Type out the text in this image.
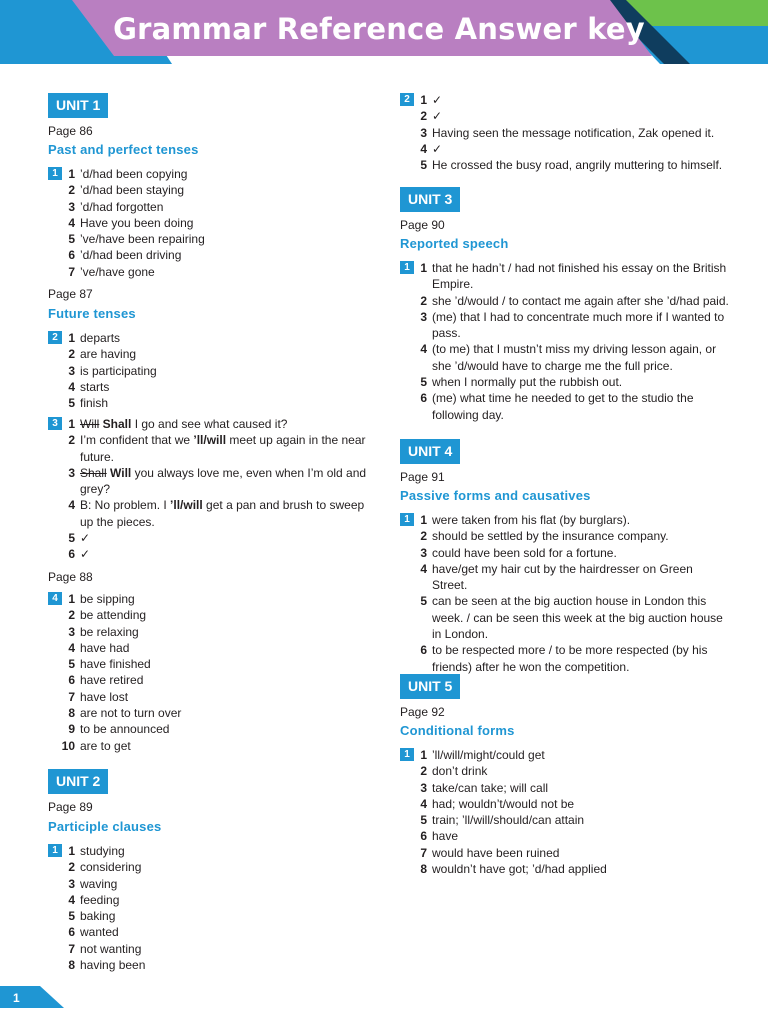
Grammar Reference Answer key
UNIT 1
Page 86
Past and perfect tenses
1 1 ’d/had been copying
2 ’d/had been staying
3 ’d/had forgotten
4 Have you been doing
5 ’ve/have been repairing
6 ’d/had been driving
7 ’ve/have gone
Page 87
Future tenses
2 1 departs
2 are having
3 is participating
4 starts
5 finish
3 1 Will Shall I go and see what caused it?
2 I’m confident that we ’ll/will meet up again in the near future.
3 Shall Will you always love me, even when I’m old and grey?
4 B: No problem. I ’ll/will get a pan and brush to sweep up the pieces.
5 ✓
6 ✓
Page 88
4 1 be sipping
2 be attending
3 be relaxing
4 have had
5 have finished
6 have retired
7 have lost
8 are not to turn over
9 to be announced
10 are to get
UNIT 2
Page 89
Participle clauses
1 1 studying
2 considering
3 waving
4 feeding
5 baking
6 wanted
7 not wanting
8 having been
2 1 ✓
2 ✓
3 Having seen the message notification, Zak opened it.
4 ✓
5 He crossed the busy road, angrily muttering to himself.
UNIT 3
Page 90
Reported speech
1 1 that he hadn’t / had not finished his essay on the British Empire.
2 she ’d/would / to contact me again after she ’d/had paid.
3 (me) that I had to concentrate much more if I wanted to pass.
4 (to me) that I mustn’t miss my driving lesson again, or she ’d/would have to charge me the full price.
5 when I normally put the rubbish out.
6 (me) what time he needed to get to the studio the following day.
UNIT 4
Page 91
Passive forms and causatives
1 1 were taken from his flat (by burglars).
2 should be settled by the insurance company.
3 could have been sold for a fortune.
4 have/get my hair cut by the hairdresser on Green Street.
5 can be seen at the big auction house in London this week. / can be seen this week at the big auction house in London.
6 to be respected more / to be more respected (by his friends) after he won the competition.
UNIT 5
Page 92
Conditional forms
1 1 ’ll/will/might/could get
2 don’t drink
3 take/can take; will call
4 had; wouldn’t/would not be
5 train; ’ll/will/should/can attain
6 have
7 would have been ruined
8 wouldn’t have got; ’d/had applied
1
